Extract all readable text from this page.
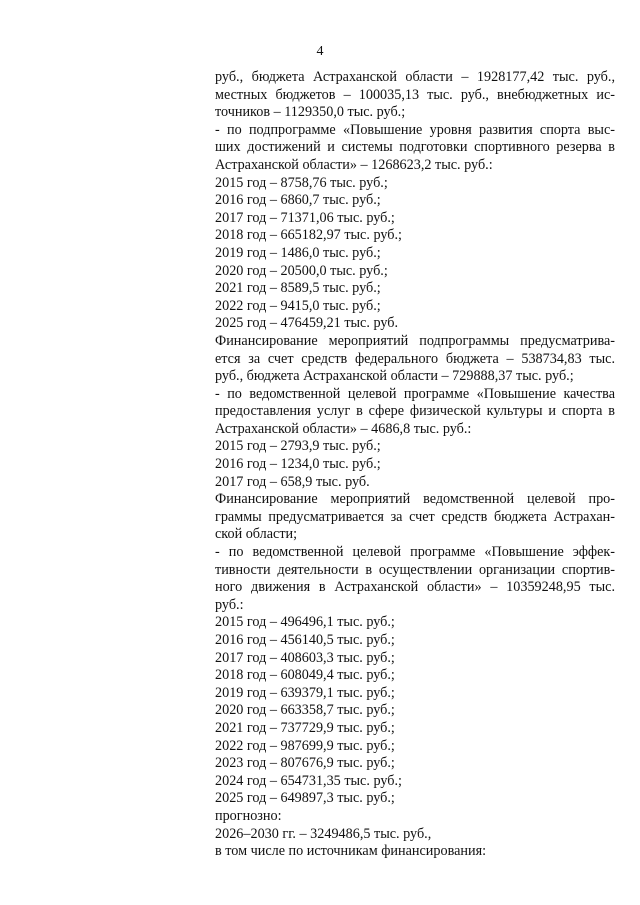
4
руб., бюджета Астраханской области – 1928177,42 тыс. руб.,
местных бюджетов – 100035,13 тыс. руб., внебюджетных ис-
точников – 1129350,0 тыс. руб.;
- по подпрограмме «Повышение уровня развития спорта выс-
ших достижений и системы подготовки спортивного резерва в
Астраханской области» – 1268623,2 тыс. руб.:
2015 год – 8758,76 тыс. руб.;
2016 год – 6860,7 тыс. руб.;
2017 год – 71371,06 тыс. руб.;
2018 год – 665182,97 тыс. руб.;
2019 год – 1486,0 тыс. руб.;
2020 год – 20500,0 тыс. руб.;
2021 год – 8589,5 тыс. руб.;
2022 год – 9415,0 тыс. руб.;
2025 год – 476459,21 тыс. руб.
Финансирование мероприятий подпрограммы предусматрива-
ется за счет средств федерального бюджета – 538734,83 тыс.
руб., бюджета Астраханской области – 729888,37 тыс. руб.;
- по ведомственной целевой программе «Повышение качества
предоставления услуг в сфере физической культуры и спорта в
Астраханской области» – 4686,8 тыс. руб.:
2015 год – 2793,9 тыс. руб.;
2016 год – 1234,0 тыс. руб.;
2017 год – 658,9 тыс. руб.
Финансирование мероприятий ведомственной целевой про-
граммы предусматривается за счет средств бюджета Астрахан-
ской области;
- по ведомственной целевой программе «Повышение эффек-
тивности деятельности в осуществлении организации спортив-
ного движения в Астраханской области» – 10359248,95 тыс.
руб.:
2015 год – 496496,1 тыс. руб.;
2016 год – 456140,5 тыс. руб.;
2017 год – 408603,3 тыс. руб.;
2018 год – 608049,4 тыс. руб.;
2019 год – 639379,1 тыс. руб.;
2020 год – 663358,7 тыс. руб.;
2021 год – 737729,9 тыс. руб.;
2022 год – 987699,9 тыс. руб.;
2023 год – 807676,9 тыс. руб.;
2024 год – 654731,35 тыс. руб.;
2025 год – 649897,3 тыс. руб.;
прогнозно:
2026–2030 гг. – 3249486,5 тыс. руб.,
в том числе по источникам финансирования:
